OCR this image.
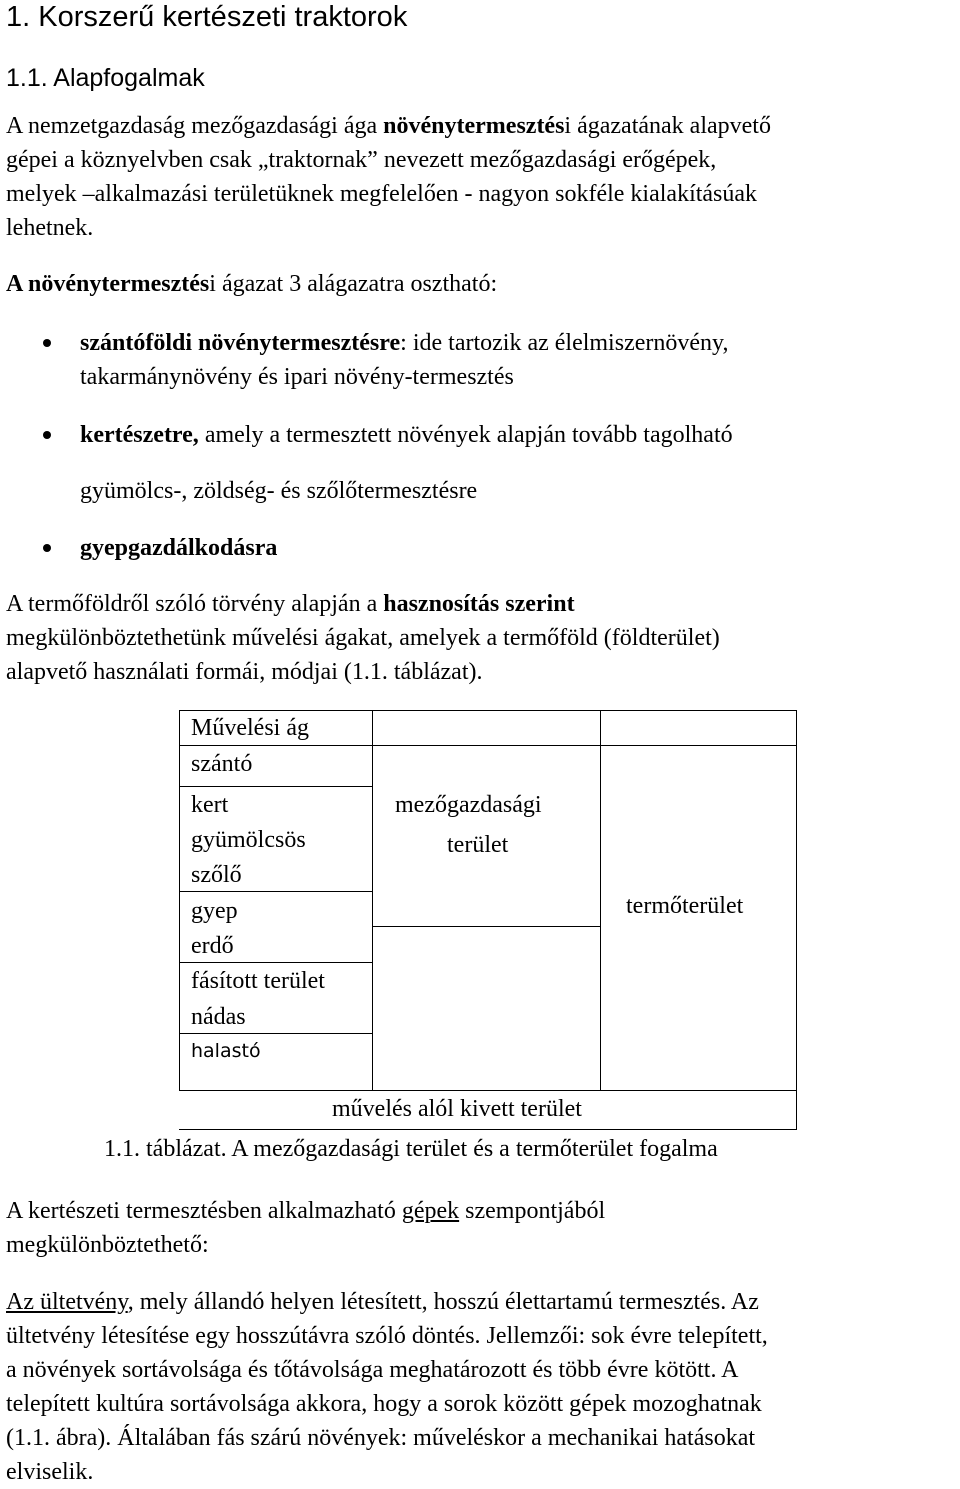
1. Korszerű kertészeti traktorok
1.1. Alapfogalmak

A nemzetgazdaság mezőgazdasági ága növénytermesztési ágazatának alapvető

gépei a köznyelvben csak „traktornak” nevezett mezőgazdasági erőgépek,

melyek –alkalmazási területüknek megfelelően - nagyon sokféle kialakításúak

lehetnek.

A növénytermesztési ágazat 3 alágazatra osztható:

szántóföldi növénytermesztésre: ide tartozik az élelmiszernövény,
takarmánynövény és ipari növény-termesztés
kertészetre, amely a termesztett növények alapján tovább tagolható
gyümölcs-, zöldség- és szőlőtermesztésre
gyepgazdálkodásra

A termőföldről szóló törvény alapján a hasznosítás szerint

megkülönböztethetünk művelési ágakat, amelyek a termőföld (földterület)

alapvető használati formái, módjai (1.1. táblázat).

Művelési ág
szántó
kert
gyümölcsös
szőlő
gyep
erdő
fásított terület
nádas
halastó
mezőgazdasági
terület
termőterület
művelés alól kivett terület
1.1. táblázat. A mezőgazdasági terület és a termőterület fogalma

A kertészeti termesztésben alkalmazható gépek szempontjából

megkülönböztethető:

Az ültetvény, mely állandó helyen létesített, hosszú élettartamú termesztés. Az

ültetvény létesítése egy hosszútávra szóló döntés. Jellemzői: sok évre telepített,

a növények sortávolsága és tőtávolsága meghatározott és több évre kötött. A

telepített kultúra sortávolsága akkora, hogy a sorok között gépek mozoghatnak

(1.1. ábra). Általában fás szárú növények: műveléskor a mechanikai hatásokat

elviselik.
